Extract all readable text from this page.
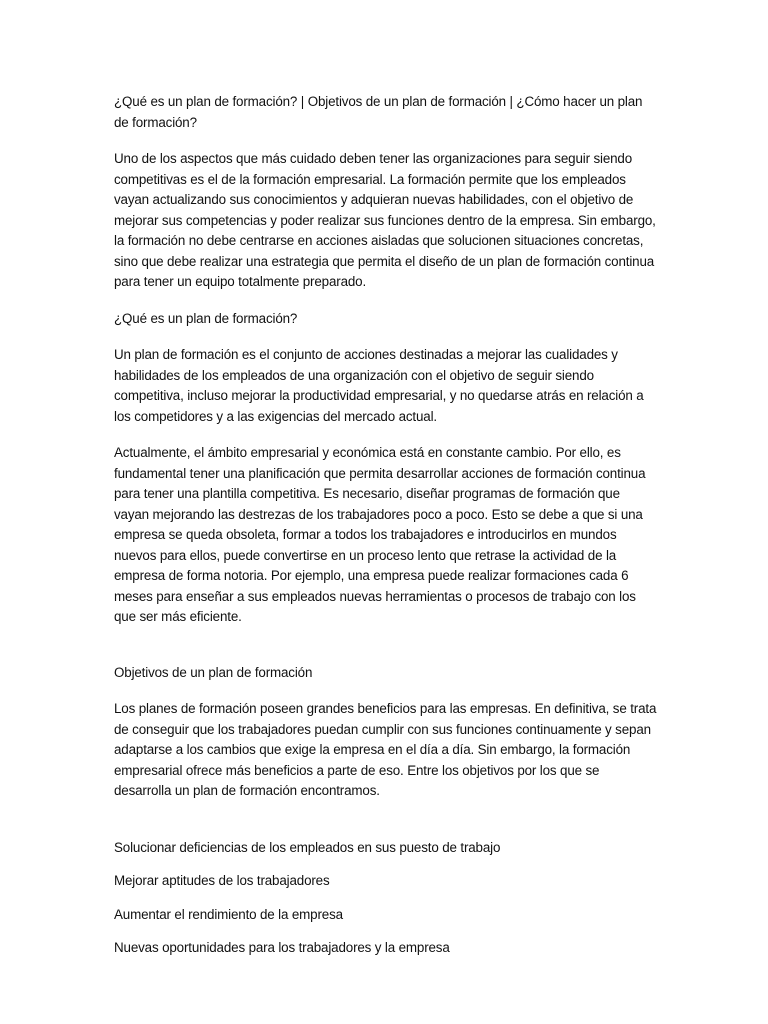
¿Qué es un plan de formación? | Objetivos de un plan de formación | ¿Cómo hacer un plan de formación?

Uno de los aspectos que más cuidado deben tener las organizaciones para seguir siendo competitivas es el de la formación empresarial. La formación permite que los empleados vayan actualizando sus conocimientos y adquieran nuevas habilidades, con el objetivo de mejorar sus competencias y poder realizar sus funciones dentro de la empresa. Sin embargo, la formación no debe centrarse en acciones aisladas que solucionen situaciones concretas, sino que debe realizar una estrategia que permita el diseño de un plan de formación continua para tener un equipo totalmente preparado.

¿Qué es un plan de formación?

Un plan de formación es el conjunto de acciones destinadas a mejorar las cualidades y habilidades de los empleados de una organización con el objetivo de seguir siendo competitiva, incluso mejorar la productividad empresarial, y no quedarse atrás en relación a los competidores y a las exigencias del mercado actual.

Actualmente, el ámbito empresarial y económica está en constante cambio. Por ello, es fundamental tener una planificación que permita desarrollar acciones de formación continua para tener una plantilla competitiva. Es necesario, diseñar programas de formación que vayan mejorando las destrezas de los trabajadores poco a poco. Esto se debe a que si una empresa se queda obsoleta, formar a todos los trabajadores e introducirlos en mundos nuevos para ellos, puede convertirse en un proceso lento que retrase la actividad de la empresa de forma notoria. Por ejemplo, una empresa puede realizar formaciones cada 6 meses para enseñar a sus empleados nuevas herramientas o procesos de trabajo con los que ser más eficiente.

Objetivos de un plan de formación

Los planes de formación poseen grandes beneficios para las empresas. En definitiva, se trata de conseguir que los trabajadores puedan cumplir con sus funciones continuamente y sepan adaptarse a los cambios que exige la empresa en el día a día. Sin embargo, la formación empresarial ofrece más beneficios a parte de eso. Entre los objetivos por los que se desarrolla un plan de formación encontramos.

Solucionar deficiencias de los empleados en sus puesto de trabajo

Mejorar aptitudes de los trabajadores

Aumentar el rendimiento de la empresa

Nuevas oportunidades para los trabajadores y la empresa
